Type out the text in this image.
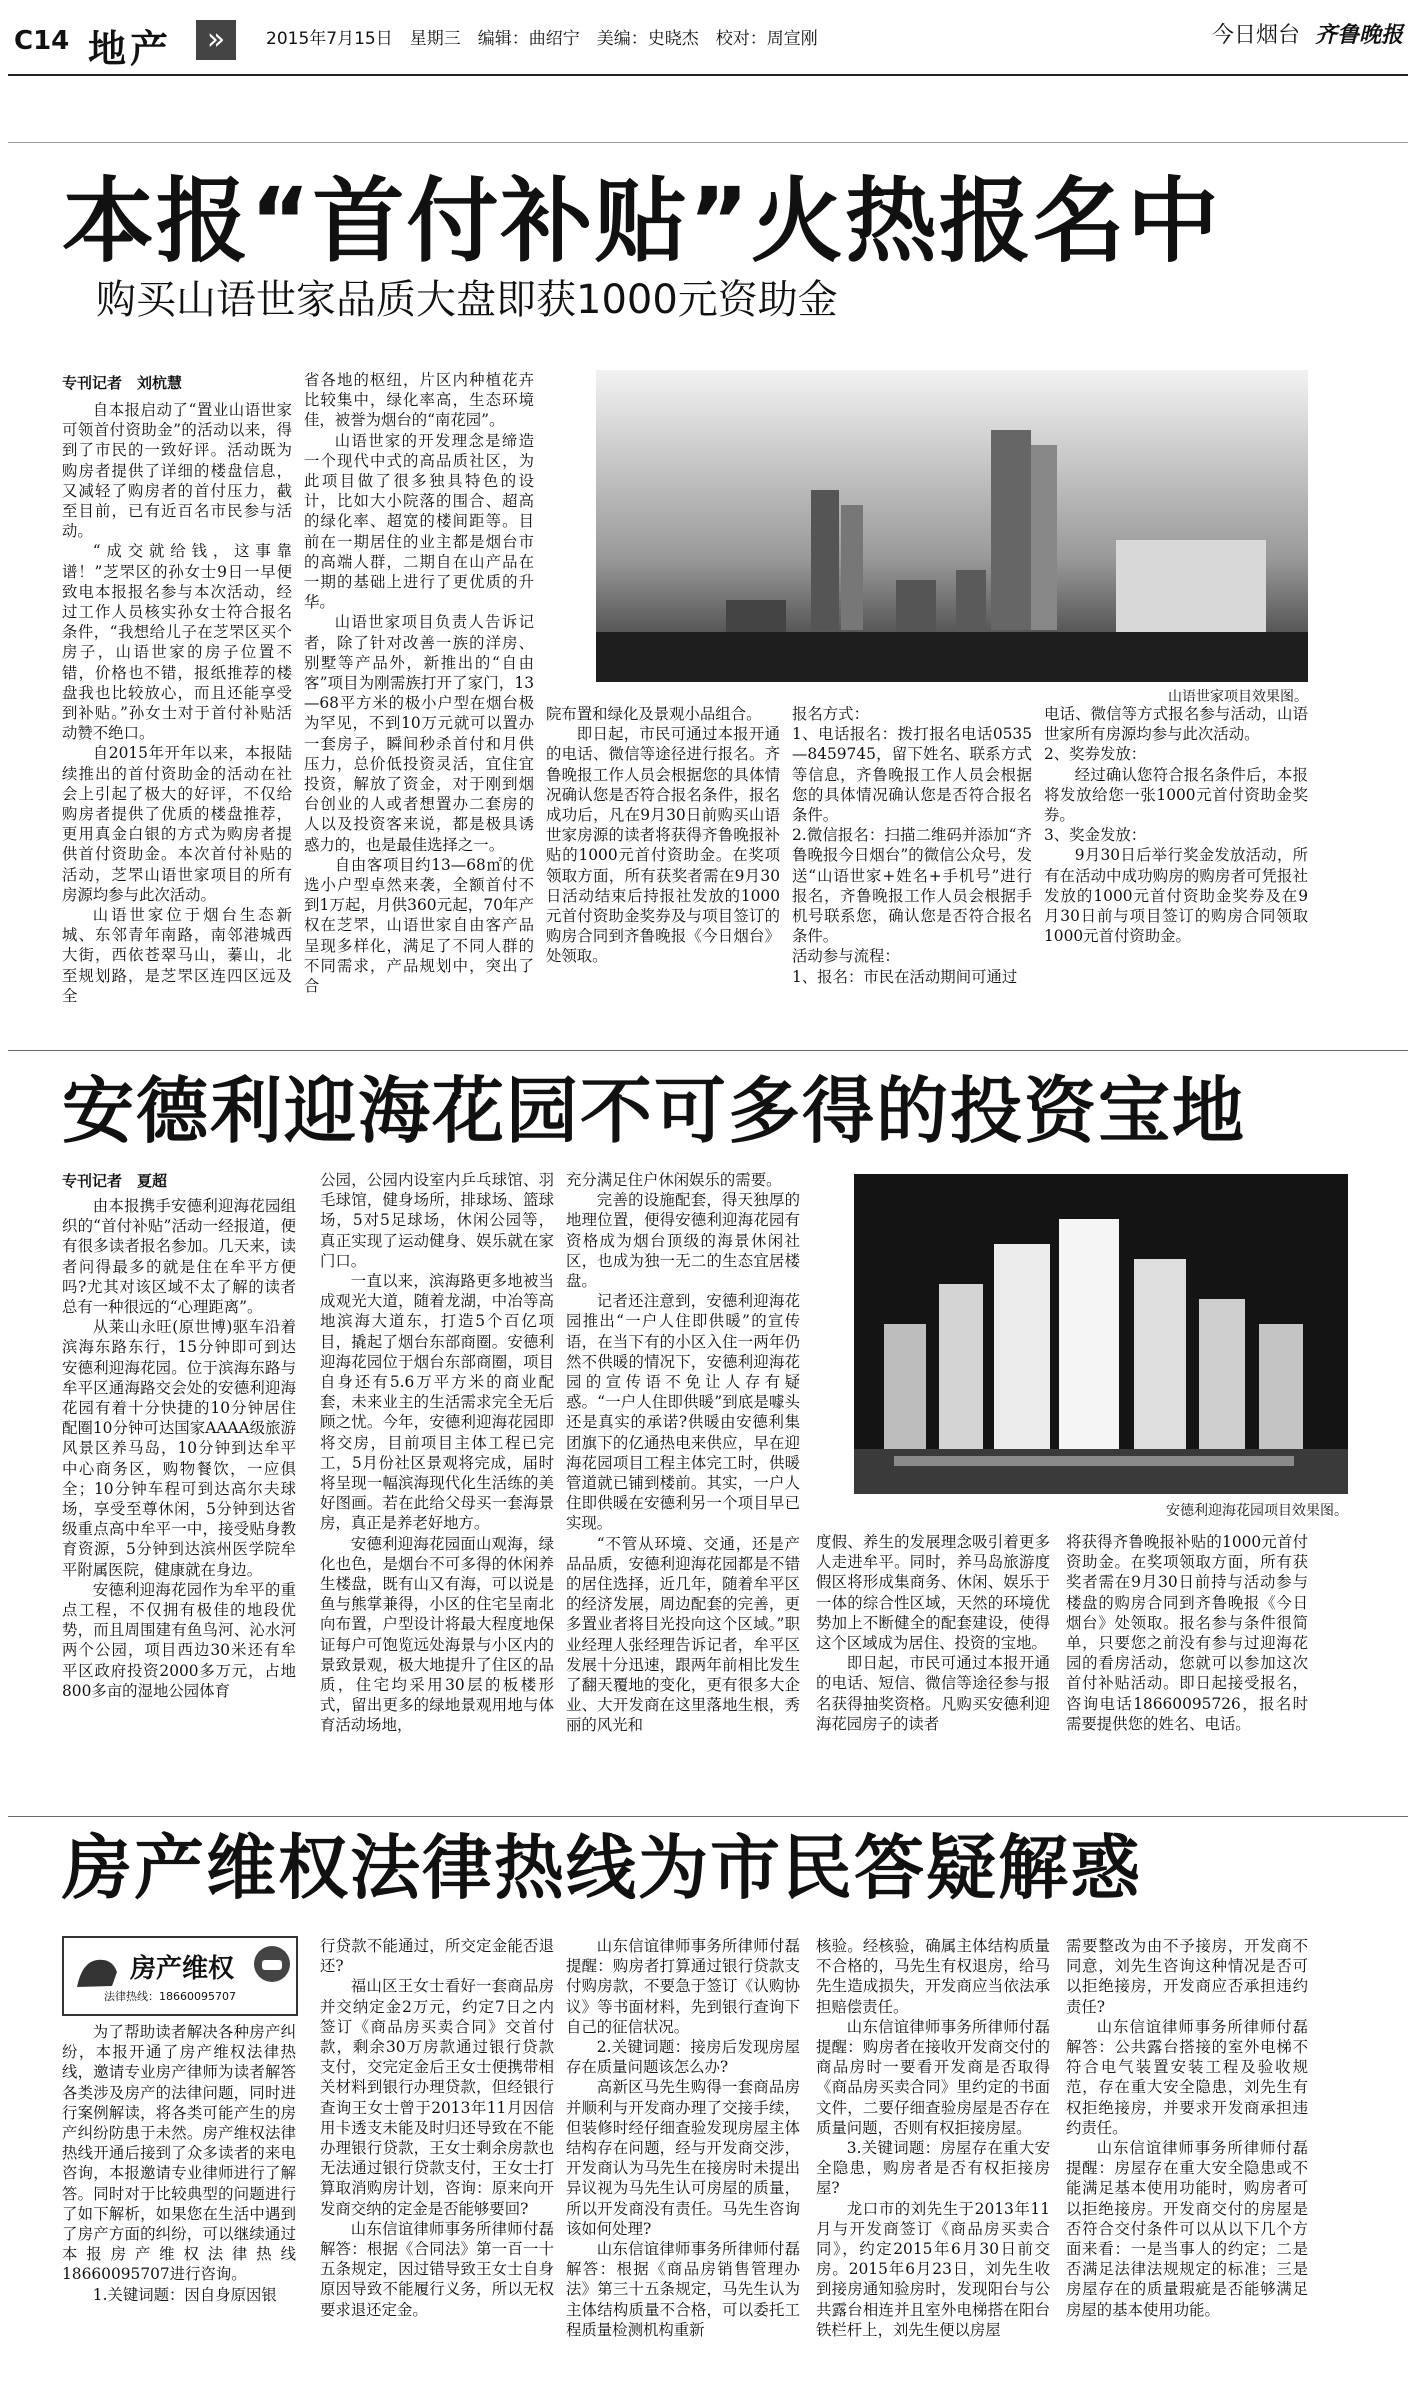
C14 地产	»	2015年7月15日　星期三　编辑：曲绍宁　美编：史晓杰　校对：周宣刚	今日烟台 齐鲁晚报
本报“首付补贴”火热报名中
购买山语世家品质大盘即获1000元资助金
专刊记者　刘杭慧

自本报启动了“置业山语世家可领首付资助金”的活动以来，得到了市民的一致好评。活动既为购房者提供了详细的楼盘信息，又减轻了购房者的首付压力，截至目前，已有近百名市民参与活动。

“成交就给钱，这事靠谱！”芝罘区的孙女士9日一早便致电本报报名参与本次活动，经过工作人员核实孙女士符合报名条件，“我想给儿子在芝罘区买个房子，山语世家的房子位置不错，价格也不错，报纸推荐的楼盘我也比较放心，而且还能享受到补贴。”孙女士对于首付补贴活动赞不绝口。

自2015年开年以来，本报陆续推出的首付资助金的活动在社会上引起了极大的好评，不仅给购房者提供了优质的楼盘推荐，更用真金白银的方式为购房者提供首付资助金。本次首付补贴的活动，芝罘山语世家项目的所有房源均参与此次活动。

山语世家位于烟台生态新城、东邻青年南路，南邻港城西大街，西依苍翠马山，蓁山，北至规划路，是芝罘区连四区远及全

省各地的枢纽，片区内种植花卉比较集中，绿化率高，生态环境佳，被誉为烟台的“南花园”。

山语世家的开发理念是缔造一个现代中式的高品质社区，为此项目做了很多独具特色的设计，比如大小院落的围合、超高的绿化率、超宽的楼间距等。目前在一期居住的业主都是烟台市的高端人群，二期自在山产品在一期的基础上进行了更优质的升华。

山语世家项目负责人告诉记者，除了针对改善一族的洋房、别墅等产品外，新推出的“自由客”项目为刚需族打开了家门，13—68平方米的极小户型在烟台极为罕见，不到10万元就可以置办一套房子，瞬间秒杀首付和月供压力，总价低投资灵活，宜住宜投资，解放了资金，对于刚到烟台创业的人或者想置办二套房的人以及投资客来说，都是极具诱惑力的，也是最佳选择之一。

自由客项目约13—68㎡的优选小户型卓然来袭，全额首付不到1万起，月供360元起，70年产权在芝罘，山语世家自由客产品呈现多样化，满足了不同人群的不同需求，产品规划中，突出了合

山语世家项目效果图。

院布置和绿化及景观小品组合。

即日起，市民可通过本报开通的电话、微信等途径进行报名。齐鲁晚报工作人员会根据您的具体情况确认您是否符合报名条件，报名成功后，凡在9月30日前购买山语世家房源的读者将获得齐鲁晚报补贴的1000元首付资助金。在奖项领取方面，所有获奖者需在9月30日活动结束后持报社发放的1000元首付资助金奖券及与项目签订的购房合同到齐鲁晚报《今日烟台》处领取。

报名方式：

1、电话报名：拨打报名电话0535—8459745，留下姓名、联系方式等信息，齐鲁晚报工作人员会根据您的具体情况确认您是否符合报名条件。

2.微信报名：扫描二维码并添加“齐鲁晚报今日烟台”的微信公众号，发送“山语世家+姓名+手机号”进行报名，齐鲁晚报工作人员会根据手机号联系您，确认您是否符合报名条件。

活动参与流程：

1、报名：市民在活动期间可通过

电话、微信等方式报名参与活动，山语世家所有房源均参与此次活动。

2、奖券发放：

经过确认您符合报名条件后，本报将发放给您一张1000元首付资助金奖券。

3、奖金发放：

9月30日后举行奖金发放活动，所有在活动中成功购房的购房者可凭报社发放的1000元首付资助金奖券及在9月30日前与项目签订的购房合同领取1000元首付资助金。

安德利迎海花园不可多得的投资宝地
专刊记者　夏超

由本报携手安德利迎海花园组织的“首付补贴”活动一经报道，便有很多读者报名参加。几天来，读者问得最多的就是住在牟平方便吗?尤其对该区域不太了解的读者总有一种很远的“心理距离”。

从莱山永旺(原世博)驱车沿着滨海东路东行，15分钟即可到达安德利迎海花园。位于滨海东路与牟平区通海路交会处的安德利迎海花园有着十分快捷的10分钟居住配圈10分钟可达国家AAAA级旅游风景区养马岛，10分钟到达牟平中心商务区，购物餐饮，一应俱全；10分钟车程可到达高尔夫球场，享受至尊休闲，5分钟到达省级重点高中牟平一中，接受贴身教育资源，5分钟到达滨州医学院牟平附属医院，健康就在身边。

安德利迎海花园作为牟平的重点工程，不仅拥有极佳的地段优势，而且周围建有鱼鸟河、沁水河两个公园，项目西边30米还有牟平区政府投资2000多万元，占地800多亩的湿地公园体育

公园，公园内设室内乒乓球馆、羽毛球馆，健身场所，排球场、篮球场，5对5足球场，休闲公园等，真正实现了运动健身、娱乐就在家门口。

一直以来，滨海路更多地被当成观光大道，随着龙湖，中冶等高地滨海大道东，打造5个百亿项目，撬起了烟台东部商圈。安德利迎海花园位于烟台东部商圈，项目自身还有5.6万平方米的商业配套，未来业主的生活需求完全无后顾之忧。今年，安德利迎海花园即将交房，目前项目主体工程已完工，5月份社区景观将完成，届时将呈现一幅滨海现代化生活练的美好图画。若在此给父母买一套海景房，真正是养老好地方。

安德利迎海花园面山观海，绿化也色，是烟台不可多得的休闲养生楼盘，既有山又有海，可以说是鱼与熊掌兼得，小区的住宅呈南北向布置，户型设计将最大程度地保证每户可饱览远处海景与小区内的景致景观，极大地提升了住区的品质，住宅均采用30层的板楼形式，留出更多的绿地景观用地与体育活动场地，

充分满足住户休闲娱乐的需要。

完善的设施配套，得天独厚的地理位置，便得安德利迎海花园有资格成为烟台顶级的海景休闲社区，也成为独一无二的生态宜居楼盘。

记者还注意到，安德利迎海花园推出“一户人住即供暖”的宣传语，在当下有的小区入住一两年仍然不供暖的情况下，安德利迎海花园的宣传语不免让人存有疑惑。“一户人住即供暖”到底是噱头还是真实的承诺?供暖由安德利集团旗下的亿通热电来供应，早在迎海花园项目工程主体完工时，供暖管道就已铺到楼前。其实，一户人住即供暖在安德利另一个项目早已实现。

“不管从环境、交通，还是产品品质，安德利迎海花园都是不错的居住选择，近几年，随着牟平区的经济发展，周边配套的完善，更多置业者将目光投向这个区域。”职业经理人张经理告诉记者，牟平区发展十分迅速，跟两年前相比发生了翻天覆地的变化，更有很多大企业、大开发商在这里落地生根，秀丽的风光和

安德利迎海花园项目效果图。

度假、养生的发展理念吸引着更多人走进牟平。同时，养马岛旅游度假区将形成集商务、休闲、娱乐于一体的综合性区域，天然的环境优势加上不断健全的配套建设，使得这个区域成为居住、投资的宝地。

即日起，市民可通过本报开通的电话、短信、微信等途径参与报名获得抽奖资格。凡购买安德利迎海花园房子的读者

将获得齐鲁晚报补贴的1000元首付资助金。在奖项领取方面，所有获奖者需在9月30日前持与活动参与楼盘的购房合同到齐鲁晚报《今日烟台》处领取。报名参与条件很简单，只要您之前没有参与过迎海花园的看房活动，您就可以参加这次首付补贴活动。即日起接受报名，咨询电话18660095726，报名时需要提供您的姓名、电话。

房产维权法律热线为市民答疑解惑
房产维权
法律热线：18660095707

为了帮助读者解决各种房产纠纷，本报开通了房产维权法律热线，邀请专业房产律师为读者解答各类涉及房产的法律问题，同时进行案例解读，将各类可能产生的房产纠纷防患于未然。房产维权法律热线开通后接到了众多读者的来电咨询，本报邀请专业律师进行了解答。同时对于比较典型的问题进行了如下解析，如果您在生活中遇到了房产方面的纠纷，可以继续通过本报房产维权法律热线18660095707进行咨询。

1.关键词题：因自身原因银

行贷款不能通过，所交定金能否退还?

福山区王女士看好一套商品房并交纳定金2万元，约定7日之内签订《商品房买卖合同》交首付款，剩余30万房款通过银行贷款支付，交完定金后王女士便携带相关材料到银行办理贷款，但经银行查询王女士曾于2013年11月因信用卡透支未能及时归还导致在不能办理银行贷款，王女士剩余房款也无法通过银行贷款支付，王女士打算取消购房计划，咨询：原来向开发商交纳的定金是否能够要回?

山东信谊律师事务所律师付磊解答：根据《合同法》第一百一十五条规定，因过错导致王女士自身原因导致不能履行义务，所以无权要求退还定金。

山东信谊律师事务所律师付磊提醒：购房者打算通过银行贷款支付购房款，不要急于签订《认购协议》等书面材料，先到银行查询下自己的征信状况。

2.关键词题：接房后发现房屋存在质量问题该怎么办?

高新区马先生购得一套商品房并顺利与开发商办理了交接手续，但装修时经仔细查验发现房屋主体结构存在问题，经与开发商交涉，开发商认为马先生在接房时未提出异议视为马先生认可房屋的质量，所以开发商没有责任。马先生咨询该如何处理?

山东信谊律师事务所律师付磊解答：根据《商品房销售管理办法》第三十五条规定，马先生认为主体结构质量不合格，可以委托工程质量检测机构重新

核验。经核验，确属主体结构质量不合格的，马先生有权退房，给马先生造成损失，开发商应当依法承担赔偿责任。

山东信谊律师事务所律师付磊提醒：购房者在接收开发商交付的商品房时一要看开发商是否取得《商品房买卖合同》里约定的书面文件，二要仔细查验房屋是否存在质量问题，否则有权拒接房屋。

3.关键词题：房屋存在重大安全隐患，购房者是否有权拒接房屋?

龙口市的刘先生于2013年11月与开发商签订《商品房买卖合同》，约定2015年6月30日前交房。2015年6月23日，刘先生收到接房通知验房时，发现阳台与公共露台相连并且室外电梯搭在阳台铁栏杆上，刘先生便以房屋

需要整改为由不予接房，开发商不同意，刘先生咨询这种情况是否可以拒绝接房，开发商应否承担违约责任?

山东信谊律师事务所律师付磊解答：公共露台搭接的室外电梯不符合电气装置安装工程及验收规范，存在重大安全隐患，刘先生有权拒绝接房，并要求开发商承担违约责任。

山东信谊律师事务所律师付磊提醒：房屋存在重大安全隐患或不能满足基本使用功能时，购房者可以拒绝接房。开发商交付的房屋是否符合交付条件可以从以下几个方面来看：一是当事人的约定；二是否满足法律法规规定的标准；三是房屋存在的质量瑕疵是否能够满足房屋的基本使用功能。
